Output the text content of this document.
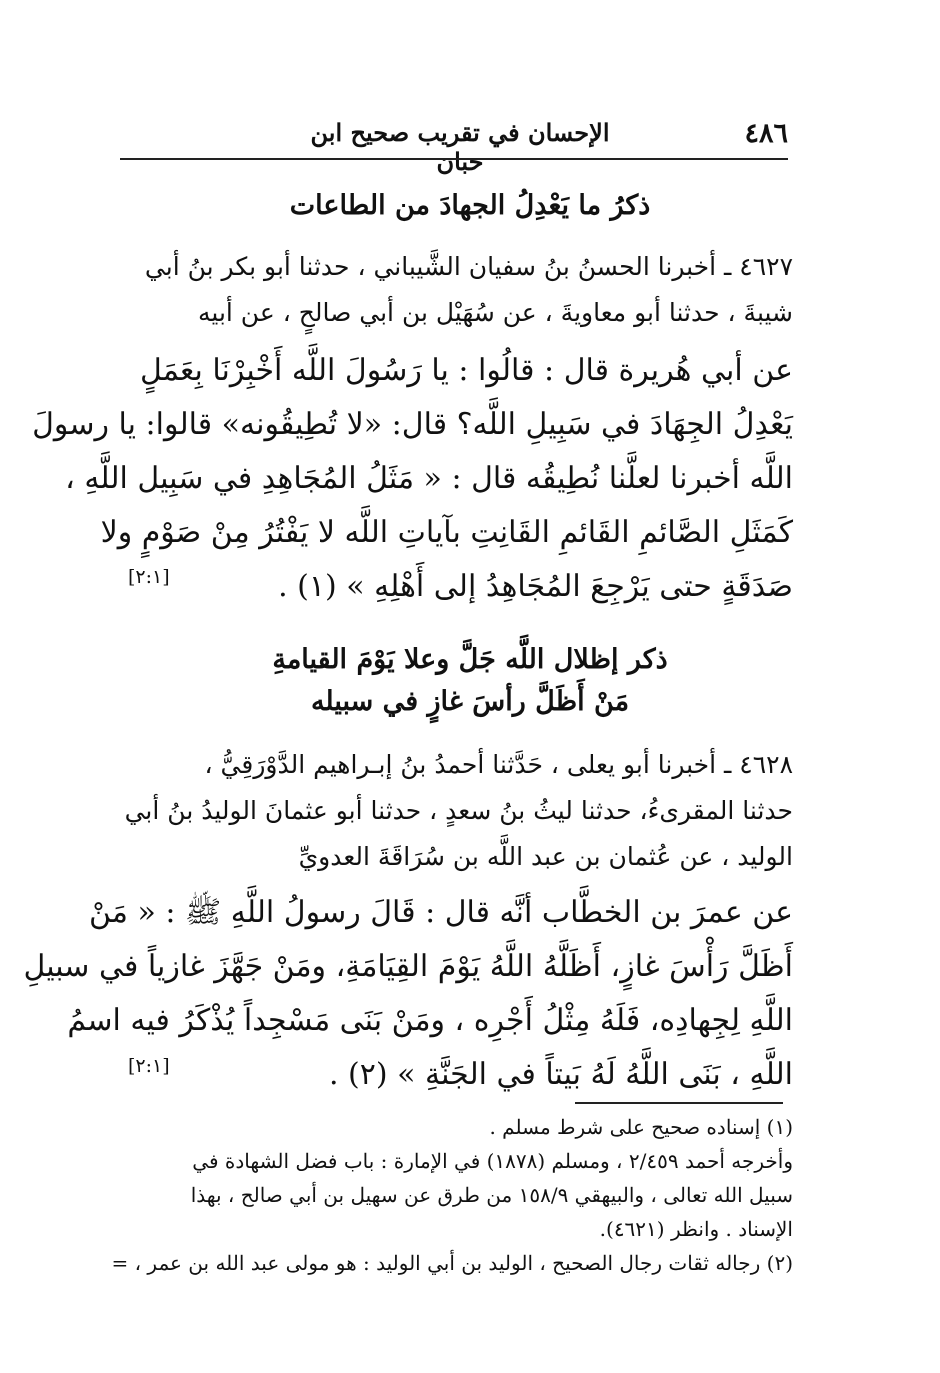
٤٨٦
الإحسان في تقريب صحيح ابن حبان
ذكرُ ما يَعْدِلُ الجهادَ من الطاعات
٤٦٢٧ ـ أخبرنا الحسنُ بنُ سفيان الشَّيباني ، حدثنا أبو بكر بنُ أبي
شيبةَ ، حدثنا أبو معاويةَ ، عن سُهَيْل بن أبي صالحٍ ، عن أبيه
عن أبي هُريرة قال : قالُوا : يا رَسُولَ اللَّه أَخْبِرْنَا بِعَمَلٍ
يَعْدِلُ الجِهَادَ في سَبِيلِ اللَّه؟ قال: «لا تُطِيقُونه» قالوا: يا رسولَ
اللَّه أخبرنا لعلَّنا نُطِيقُه قال : « مَثَلُ المُجَاهِدِ في سَبِيل اللَّهِ ،
كَمَثَلِ الصَّائمِ القَائمِ القَانِتِ بآياتِ اللَّه لا يَفْتُرُ مِنْ صَوْمٍ ولا
صَدَقَةٍ حتى يَرْجِعَ المُجَاهِدُ إلى أَهْلِهِ » (١) .
[٢:١]
ذكر إظلال اللَّه جَلَّ وعلا يَوْمَ القيامةِ
مَنْ أَظَلَّ رأسَ غازٍ في سبيله
٤٦٢٨ ـ أخبرنا أبو يعلى ، حَدَّثنا أحمدُ بنُ إبـراهيم الدَّوْرَقِيُّ ،
حدثنا المقرىءُ، حدثنا ليثُ بنُ سعدٍ ، حدثنا أبو عثمانَ الوليدُ بنُ أبي
الوليد ، عن عُثمان بن عبد اللَّه بن سُرَاقَةَ العدويِّ
عن عمرَ بن الخطَّاب أنَّه قال : قَالَ رسولُ اللَّهِ ﷺ : « مَنْ
أَظَلَّ رَأْسَ غازٍ، أَظَلَّهُ اللَّهُ يَوْمَ القِيَامَةِ، ومَنْ جَهَّزَ غازياً في سبيلِ
اللَّهِ لِجِهادِه، فَلَهُ مِثْلُ أَجْرِه ، ومَنْ بَنَى مَسْجِداً يُذْكَرُ فيه اسمُ
اللَّهِ ، بَنَى اللَّهُ لَهُ بَيتاً في الجَنَّةِ » (٢) .
[٢:١]
(١) إسناده صحيح على شرط مسلم .
وأخرجه أحمد ٢/٤٥٩ ، ومسلم (١٨٧٨) في الإمارة : باب فضل الشهادة في
سبيل الله تعالى ، والبيهقي ١٥٨/٩ من طرق عن سهيل بن أبي صالح ، بهذا
الإسناد . وانظر (٤٦٢١).
(٢) رجاله ثقات رجال الصحيح ، الوليد بن أبي الوليد : هو مولى عبد الله بن عمر ، =
